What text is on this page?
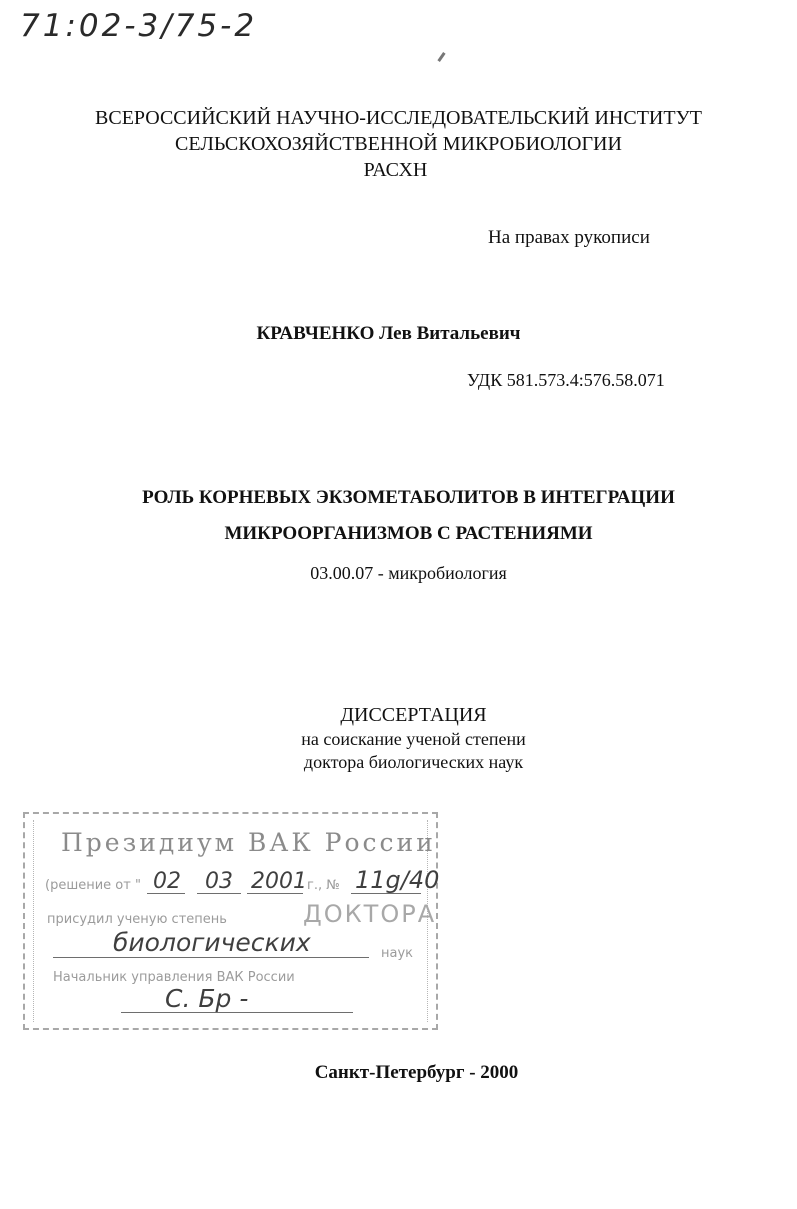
71:02-3/75-2
ВСЕРОССИЙСКИЙ НАУЧНО-ИССЛЕДОВАТЕЛЬСКИЙ ИНСТИТУТ
СЕЛЬСКОХОЗЯЙСТВЕННОЙ МИКРОБИОЛОГИИ
РАСХН
На правах рукописи
КРАВЧЕНКО Лев Витальевич
УДК 581.573.4:576.58.071
РОЛЬ КОРНЕВЫХ ЭКЗОМЕТАБОЛИТОВ В ИНТЕГРАЦИИ
МИКРООРГАНИЗМОВ С РАСТЕНИЯМИ
03.00.07 - микробиология
ДИССЕРТАЦИЯ
на соискание ученой степени
доктора биологических наук
Президиум ВАК России
(решение от " 02 03 2001 г., № 11g/40
присудил ученую степень	ДОКТОРА
биологических	наук
Начальник управления ВАК России
С. Бр -
Санкт-Петербург - 2000
